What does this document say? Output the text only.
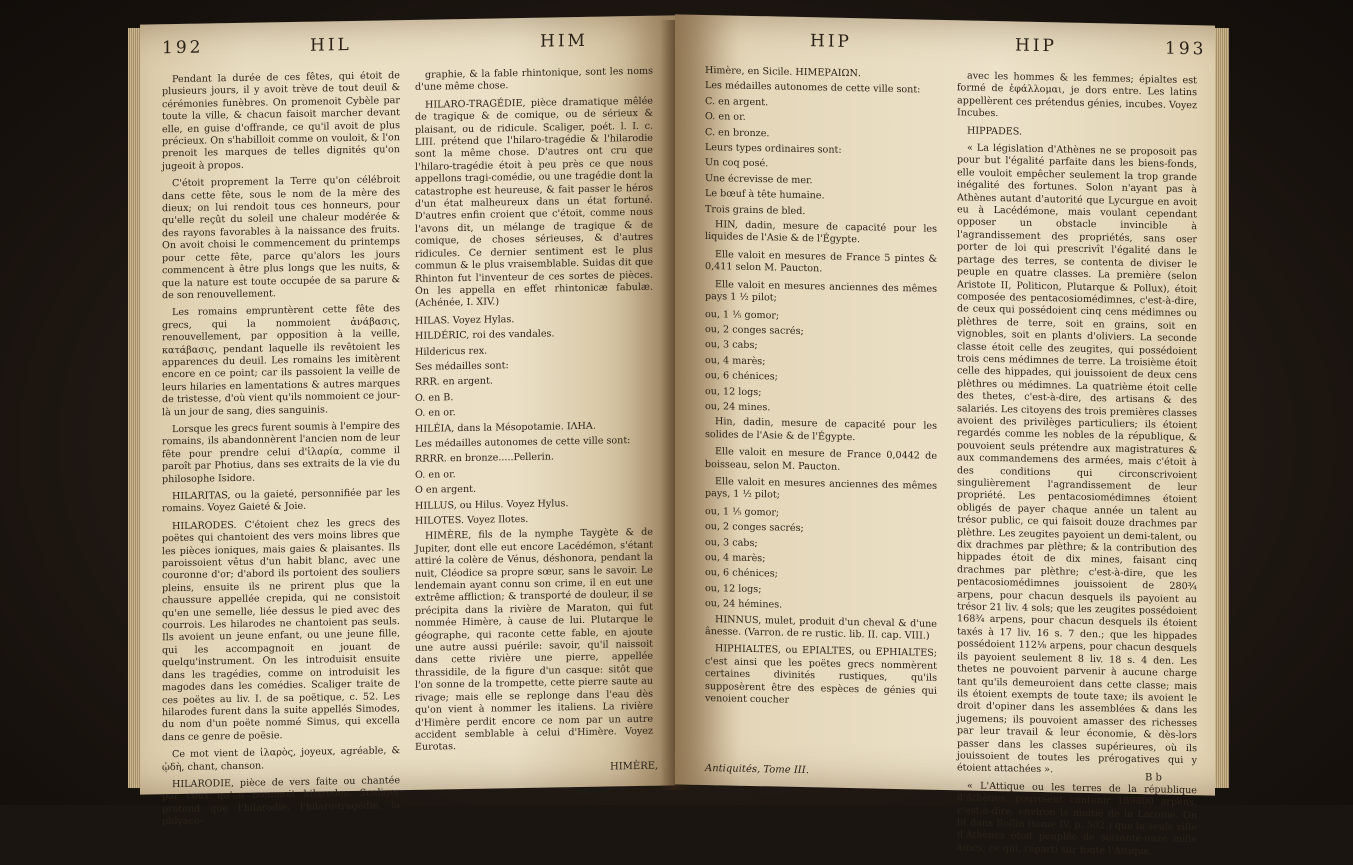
192	HIL	HIM

Pendant la durée de ces fêtes, qui étoit de plusieurs jours, il y avoit trève de tout deuil & cérémonies funèbres. On promenoit Cybèle par toute la ville, & chacun faisoit marcher devant elle, en guise d'offrande, ce qu'il avoit de plus précieux. On s'habilloit comme on vouloit, & l'on prenoit les marques de telles dignités qu'on jugeoit à propos.

C'étoit proprement la Terre qu'on célébroit dans cette fête, sous le nom de la mère des dieux; on lui rendoit tous ces honneurs, pour qu'elle reçût du soleil une chaleur modérée & des rayons favorables à la naissance des fruits. On avoit choisi le commencement du printemps pour cette fête, parce qu'alors les jours commencent à être plus longs que les nuits, & que la nature est toute occupée de sa parure & de son renouvellement.

Les romains empruntèrent cette fête des grecs, qui la nommoient ἀνάβασις, renouvellement, par opposition à la veille, κατάβασις, pendant laquelle ils revêtoient les apparences du deuil. Les romains les imitèrent encore en ce point; car ils passoient la veille de leurs hilaries en lamentations & autres marques de tristesse, d'où vient qu'ils nommoient ce jour-là un jour de sang, dies sanguinis.

Lorsque les grecs furent soumis à l'empire des romains, ils abandonnèrent l'ancien nom de leur fête pour prendre celui d'ἱλαρία, comme il paroît par Photius, dans ses extraits de la vie du philosophe Isidore.

HILARITAS, ou la gaieté, personnifiée par les romains. Voyez Gaieté & Joie.

HILARODES. C'étoient chez les grecs des poëtes qui chantoient des vers moins libres que les pièces ioniques, mais gaies & plaisantes. Ils paroissoient vêtus d'un habit blanc, avec une couronne d'or; d'abord ils portoient des souliers pleins, ensuite ils ne prirent plus que la chaussure appellée crepida, qui ne consistoit qu'en une semelle, liée dessus le pied avec des courrois. Les hilarodes ne chantoient pas seuls. Ils avoient un jeune enfant, ou une jeune fille, qui les accompagnoit en jouant de quelqu'instrument. On les introduisit ensuite dans les tragédies, comme on introduisit les magodes dans les comédies. Scaliger traite de ces poëtes au liv. I. de sa poëtique, c. 52. Les hilarodes furent dans la suite appellés Simodes, du nom d'un poëte nommé Simus, qui excella dans ce genre de poësie.

Ce mot vient de ἱλαρὸς, joyeux, agréable, & ᾠδὴ, chant, chanson.

HILARODIE, pièce de vers faite ou chantée par ceux qu'on nommoit hilarodes. Scaliger prétend que l'hilarodie, l'hilaro-tragédie, la phlyaco-

graphie, & la fable rhintonique, sont les noms d'une même chose.

HILARO-TRAGÉDIE, pièce dramatique mêlée de tragique & de comique, ou de sérieux & plaisant, ou de ridicule. Scaliger, poét. l. I. c. LIII. prétend que l'hilaro-tragédie & l'hilarodie sont la même chose. D'autres ont cru que l'hilaro-tragédie étoit à peu près ce que nous appellons tragi-comédie, ou une tragédie dont la catastrophe est heureuse, & fait passer le héros d'un état malheureux dans un état fortuné. D'autres enfin croient que c'étoit, comme nous l'avons dit, un mélange de tragique & de comique, de choses sérieuses, & d'autres ridicules. Ce dernier sentiment est le plus commun & le plus vraisemblable. Suidas dit que Rhinton fut l'inventeur de ces sortes de pièces. On les appella en effet rhintonicæ fabulæ. (Achénée, I. XIV.)

HILAS. Voyez Hylas.

HILDÉRIC, roi des vandales.

Hildericus rex.

Ses médailles sont:

RRR. en argent.

O. en B.

O. en or.

HILÉIA, dans la Mésopotamie. ΙΛΗΑ.

Les médailles autonomes de cette ville sont:

RRRR. en bronze.....Pellerin.

O. en or.

O en argent.

HILLUS, ou Hilus. Voyez Hylus.

HILOTES. Voyez Ilotes.

HIMÈRE, fils de la nymphe Taygète & de Jupiter, dont elle eut encore Lacédémon, s'étant attiré la colère de Vénus, déshonora, pendant la nuit, Cléodice sa propre sœur, sans le savoir. Le lendemain ayant connu son crime, il en eut une extrême affliction; & transporté de douleur, il se précipita dans la rivière de Maraton, qui fut nommée Himère, à cause de lui. Plutarque le géographe, qui raconte cette fable, en ajoute une autre aussi puérile: savoir, qu'il naissoit dans cette rivière une pierre, appellée thrassidile, de la figure d'un casque: sitôt que l'on sonne de la trompette, cette pierre saute au rivage; mais elle se replonge dans l'eau dès qu'on vient à nommer les italiens. La rivière d'Himère perdit encore ce nom par un autre accident semblable à celui d'Himère. Voyez Eurotas.

HIMÈRE,
HIP	HIP	193

Himère, en Sicile. ΗΙΜΕΡΑΙΩΝ.

Les médailles autonomes de cette ville sont:

C. en argent.

O. en or.

C. en bronze.

Leurs types ordinaires sont:

Un coq posé.

Une écrevisse de mer.

Le bœuf à tête humaine.

Trois grains de bled.

HIN, dadin, mesure de capacité pour les liquides de l'Asie & de l'Égypte.

Elle valoit en mesures de France 5 pintes & 0,411 selon M. Paucton.

Elle valoit en mesures anciennes des mêmes pays 1 ½ pilot;

ou, 1 ⅕ gomor;

ou, 2 conges sacrés;

ou, 3 cabs;

ou, 4 marès;

ou, 6 chénices;

ou, 12 logs;

ou, 24 mines.

Hin, dadin, mesure de capacité pour les solides de l'Asie & de l'Égypte.

Elle valoit en mesure de France 0,0442 de boisseau, selon M. Paucton.

Elle valoit en mesures anciennes des mêmes pays, 1 ½ pilot;

ou, 1 ⅕ gomor;

ou, 2 conges sacrés;

ou, 3 cabs;

ou, 4 marès;

ou, 6 chénices;

ou, 12 logs;

ou, 24 hémines.

HINNUS, mulet, produit d'un cheval & d'une ânesse. (Varron. de re rustic. lib. II. cap. VIII.)

HIPHIALTES, ou EPIALTES, ou EPHIALTES; c'est ainsi que les poëtes grecs nommèrent certaines divinités rustiques, qu'ils supposèrent être des espèces de génies qui venoient coucher

avec les hommes & les femmes; épialtes est formé de ἐφάλλομαι, je dors entre. Les latins appellèrent ces prétendus génies, incubes. Voyez Incubes.

HIPPADES.

« La législation d'Athènes ne se proposoit pas pour but l'égalité parfaite dans les biens-fonds, elle vouloit empêcher seulement la trop grande inégalité des fortunes. Solon n'ayant pas à Athènes autant d'autorité que Lycurgue en avoit eu à Lacédémone, mais voulant cependant opposer un obstacle invincible à l'agrandissement des propriétés, sans oser porter de loi qui prescrivît l'égalité dans le partage des terres, se contenta de diviser le peuple en quatre classes. La première (selon Aristote II, Politicon, Plutarque & Pollux), étoit composée des pentacosiomédimnes, c'est-à-dire, de ceux qui possédoient cinq cens médimnes ou plèthres de terre, soit en grains, soit en vignobles, soit en plants d'oliviers. La seconde classe étoit celle des zeugites, qui possédoient trois cens médimnes de terre. La troisième étoit celle des hippades, qui jouissoient de deux cens plèthres ou médimnes. La quatrième étoit celle des thetes, c'est-à-dire, des artisans & des salariés. Les citoyens des trois premières classes avoient des privilèges particuliers; ils étoient regardés comme les nobles de la république, & pouvoient seuls prétendre aux magistratures & aux commandemens des armées, mais c'étoit à des conditions qui circonscrivoient singulièrement l'agrandissement de leur propriété. Les pentacosiomédimnes étoient obligés de payer chaque année un talent au trésor public, ce qui faisoit douze drachmes par plèthre. Les zeugites payoient un demi-talent, ou dix drachmes par plèthre; & la contribution des hippades étoit de dix mines, faisant cinq drachmes par plèthre; c'est-à-dire, que les pentacosiomédimnes jouissoient de 280¾ arpens, pour chacun desquels ils payoient au trésor 21 liv. 4 sols; que les zeugites possédoient 168¾ arpens, pour chacun desquels ils étoient taxés à 17 liv. 16 s. 7 den.; que les hippades possédoient 112⅛ arpens, pour chacun desquels ils payoient seulement 8 liv. 18 s. 4 den. Les thetes ne pouvoient parvenir à aucune charge tant qu'ils demeuroient dans cette classe; mais ils étoient exempts de toute taxe; ils avoient le droit d'opiner dans les assemblées & dans les jugemens; ils pouvoient amasser des richesses par leur travail & leur économie, & dès-lors passer dans les classes supérieures, où ils jouissoient de toutes les prérogatives qui y étoient attachées ».

« L'Attique ou les terres de la république d'Athènes, pouvoient contenir 189800 arpens, c'est-à-dire, environ la moitié de la Laconie. On lit dans Rollin (tome IV, p. 502.) que la seule ville d'Athènes étoit peuplée de soixante-onze mille âmes; ce qui, réparti sur toute l'Attique,

Antiquités, Tome III.
B b
